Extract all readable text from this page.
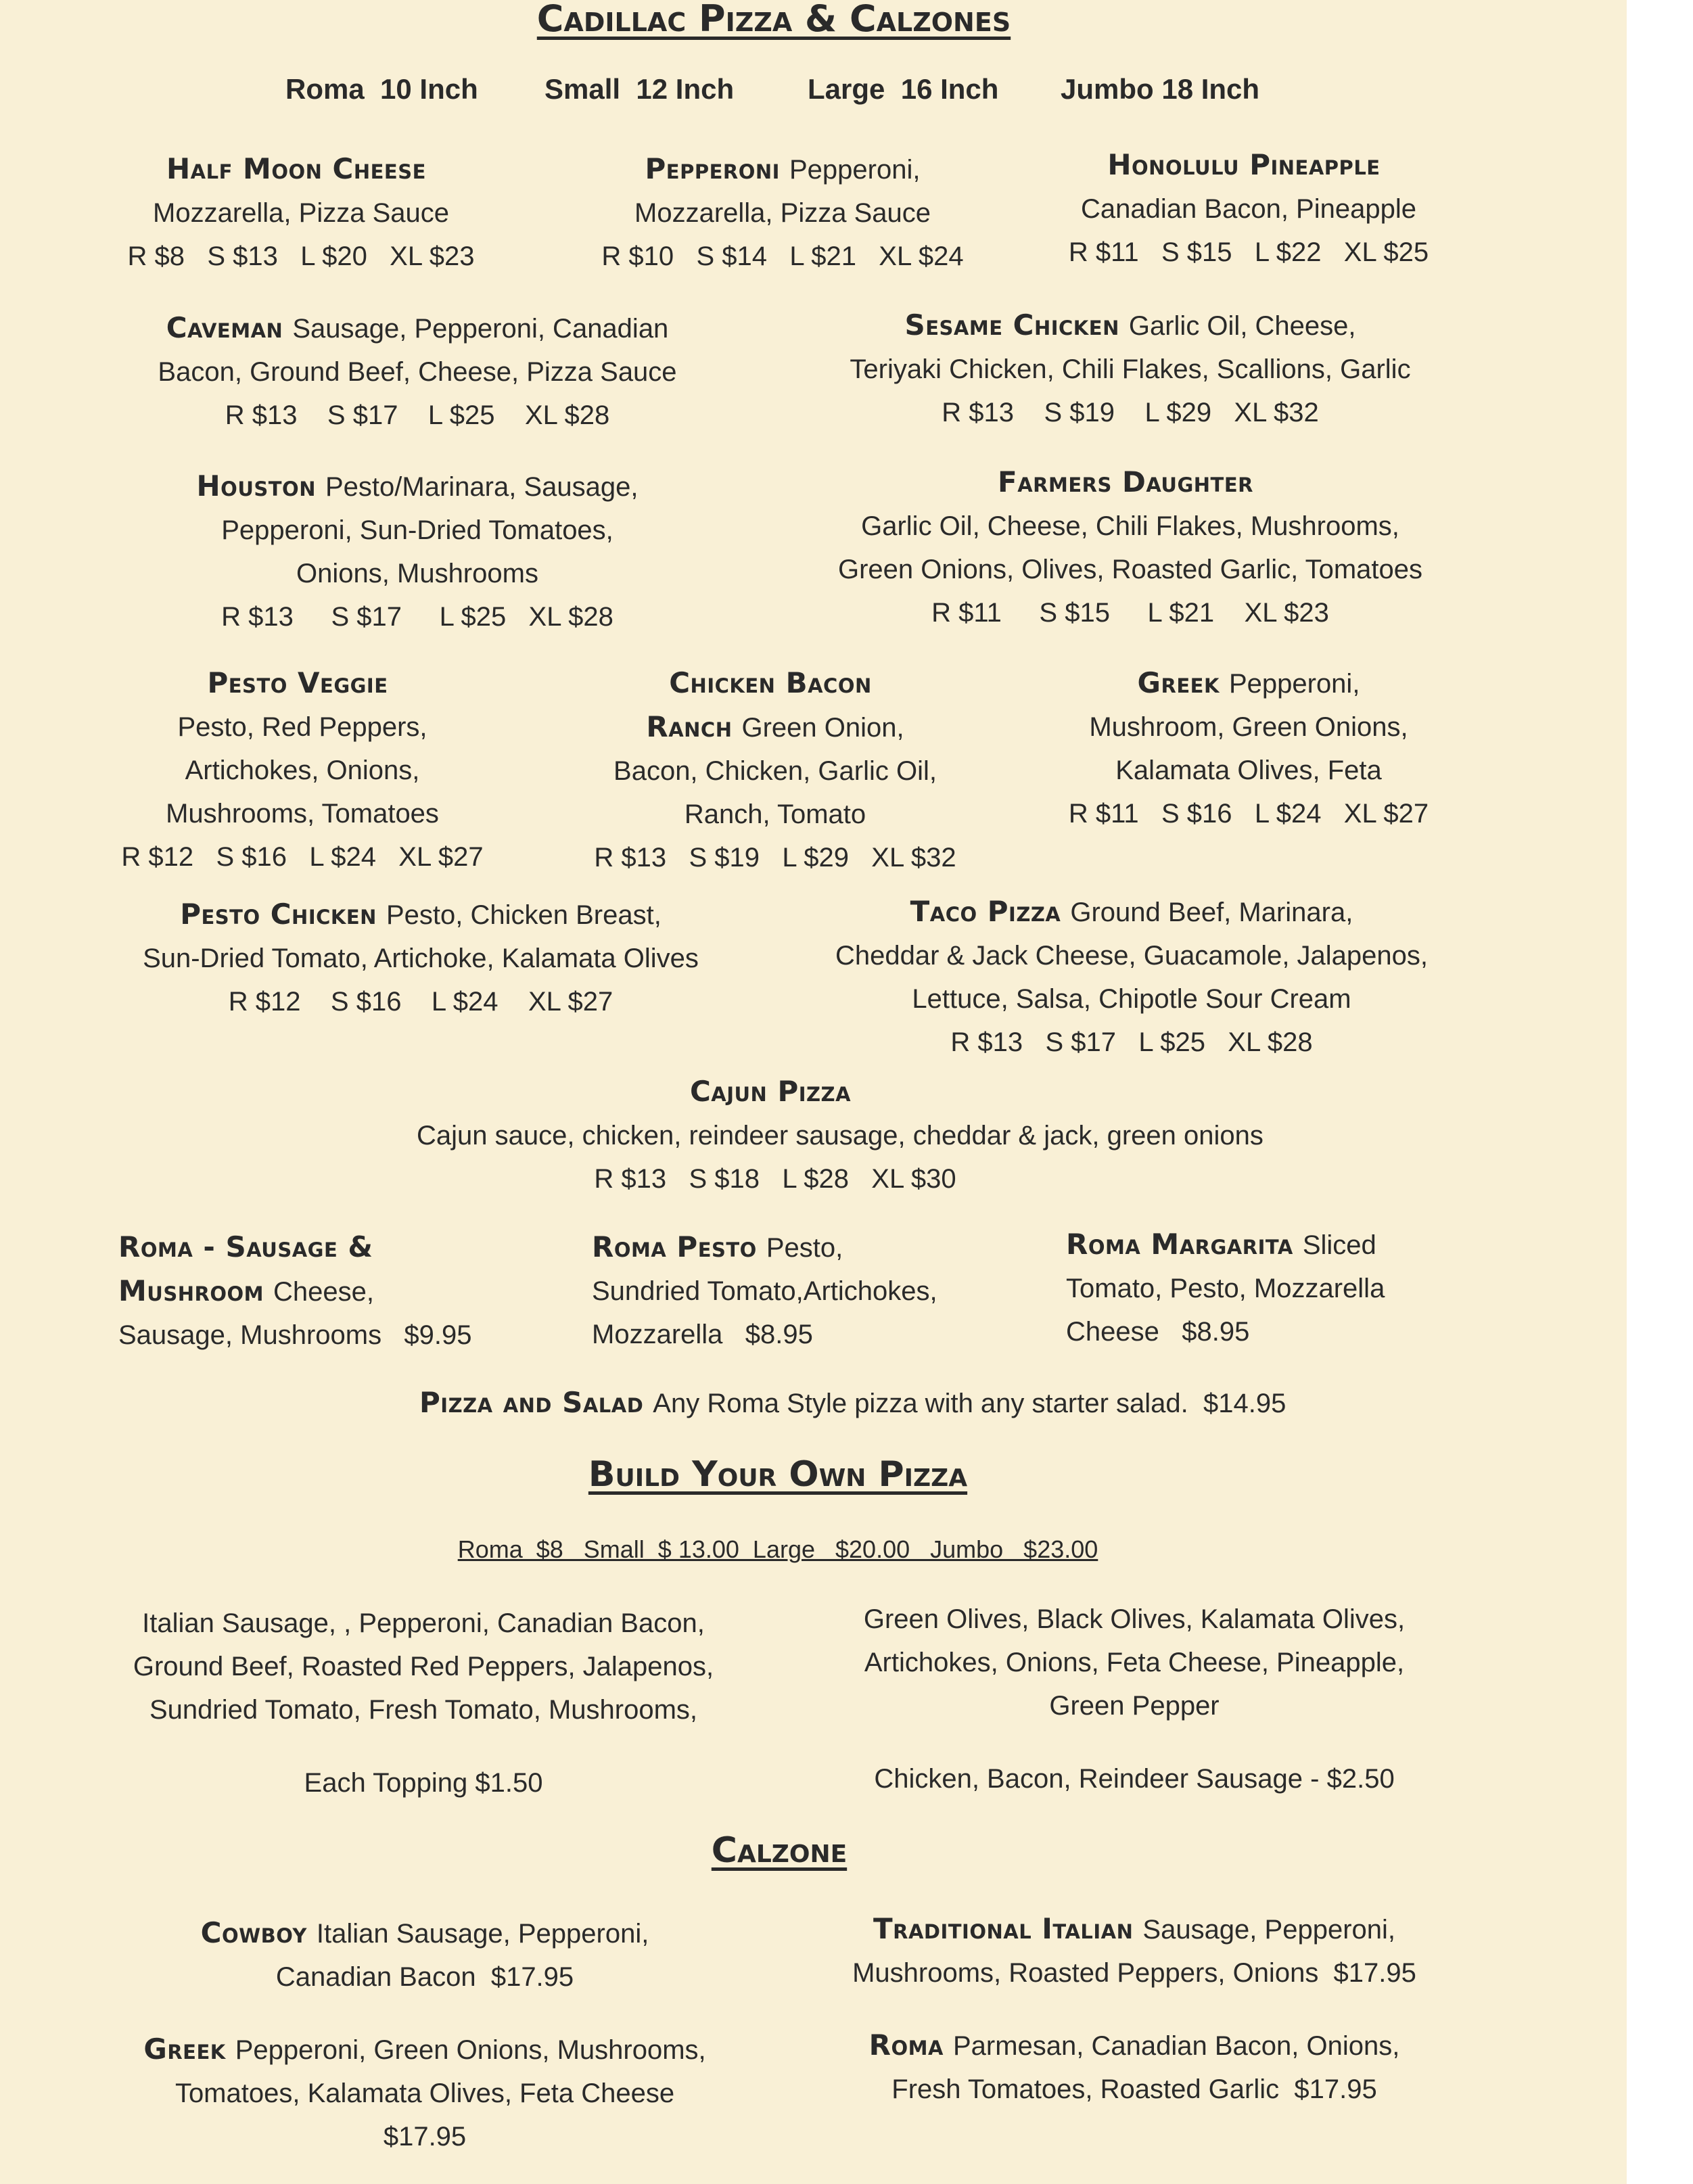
Cadillac Pizza & Calzones
Roma  10 Inch Small  12 Inch	Large  16 Inch Jumbo 18 Inch
Build Your Own Pizza
Roma  $8   Small  $ 13.00  Large   $20.00   Jumbo   $23.00
Calzone
Half Moon Cheese
Mozzarella, Pizza Sauce
R $8   S $13   L $20   XL $23
Pepperoni Pepperoni,
Mozzarella, Pizza Sauce
R $10   S $14   L $21   XL $24
Honolulu Pineapple
Canadian Bacon, Pineapple
R $11   S $15   L $22   XL $25
Caveman Sausage, Pepperoni, Canadian
Bacon, Ground Beef, Cheese, Pizza Sauce
R $13    S $17    L $25    XL $28
Sesame Chicken Garlic Oil, Cheese,
Teriyaki Chicken, Chili Flakes, Scallions, Garlic
R $13    S $19    L $29   XL $32
Houston Pesto/Marinara, Sausage,
Pepperoni, Sun-Dried Tomatoes,
Onions, Mushrooms
R $13     S $17     L $25   XL $28
Farmers Daughter
Garlic Oil, Cheese, Chili Flakes, Mushrooms,
Green Onions, Olives, Roasted Garlic, Tomatoes
R $11     S $15     L $21    XL $23
Pesto Veggie
Pesto, Red Peppers,
Artichokes, Onions,
Mushrooms, Tomatoes
R $12   S $16   L $24   XL $27
Chicken Bacon
Ranch Green Onion,
Bacon, Chicken, Garlic Oil,
Ranch, Tomato
R $13   S $19   L $29   XL $32
Greek Pepperoni,
Mushroom, Green Onions,
Kalamata Olives, Feta
R $11   S $16   L $24   XL $27
Pesto Chicken Pesto, Chicken Breast,
Sun-Dried Tomato, Artichoke, Kalamata Olives
R $12    S $16    L $24    XL $27
Taco Pizza Ground Beef, Marinara,
Cheddar & Jack Cheese, Guacamole, Jalapenos,
Lettuce, Salsa, Chipotle Sour Cream
R $13   S $17   L $25   XL $28
Cajun Pizza
Cajun sauce, chicken, reindeer sausage, cheddar & jack, green onions
R $13   S $18   L $28   XL $30
Roma - Sausage &
Mushroom Cheese,
Sausage, Mushrooms   $9.95
Roma Pesto Pesto,
Sundried Tomato,Artichokes,
Mozzarella   $8.95
Roma Margarita Sliced
Tomato, Pesto, Mozzarella
Cheese   $8.95
Pizza and Salad Any Roma Style pizza with any starter salad.  $14.95
Italian Sausage, , Pepperoni, Canadian Bacon,
Ground Beef, Roasted Red Peppers, Jalapenos,
Sundried Tomato, Fresh Tomato, Mushrooms,
Green Olives, Black Olives, Kalamata Olives,
Artichokes, Onions, Feta Cheese, Pineapple,
Green Pepper
Each Topping $1.50	Chicken, Bacon, Reindeer Sausage - $2.50
Cowboy Italian Sausage, Pepperoni,
Canadian Bacon  $17.95
Traditional Italian Sausage, Pepperoni,
Mushrooms, Roasted Peppers, Onions  $17.95
Greek Pepperoni, Green Onions, Mushrooms,
Tomatoes, Kalamata Olives, Feta Cheese
$17.95
Roma Parmesan, Canadian Bacon, Onions,
Fresh Tomatoes, Roasted Garlic  $17.95
